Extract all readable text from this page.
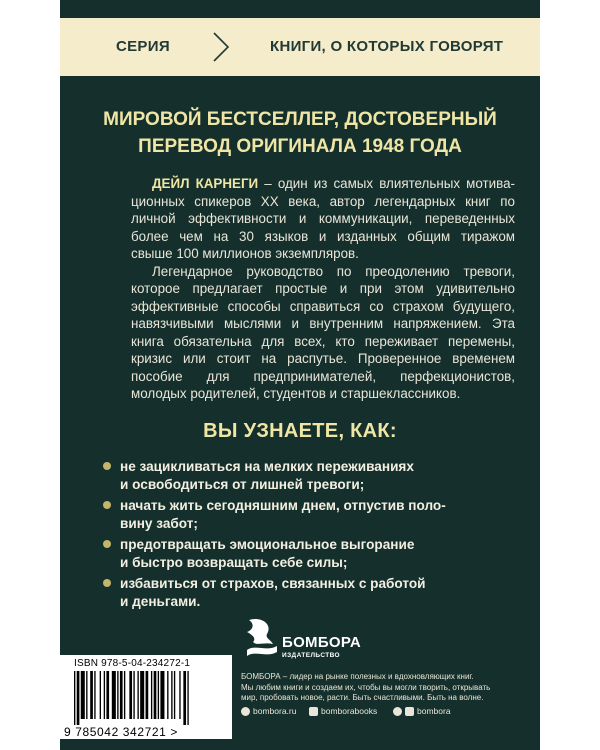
СЕРИЯ	КНИГИ, О КОТОРЫХ ГОВОРЯТ
МИРОВОЙ БЕСТСЕЛЛЕР, ДОСТОВЕРНЫЙ
ПЕРЕВОД ОРИГИНАЛА 1948 ГОДА
ДЕЙЛ КАРНЕГИ – один из самых влиятельных мотива-
ционных спикеров XX века, автор легендарных книг по
личной эффективности и коммуникации, переведенных
более чем на 30 языков и изданных общим тиражом
свыше 100 миллионов экземпляров.
Легендарное руководство по преодолению тревоги,
которое предлагает простые и при этом удивительно
эффективные способы справиться со страхом будущего,
навязчивыми мыслями и внутренним напряжением. Эта
книга обязательна для всех, кто переживает перемены,
кризис или стоит на распутье. Проверенное временем
пособие для предпринимателей, перфекционистов,
молодых родителей, студентов и старшеклассников.
ВЫ УЗНАЕТЕ, КАК:
не зацикливаться на мелких переживаниях
и освободиться от лишней тревоги;
начать жить сегодняшним днем, отпустив поло-
вину забот;
предотвращать эмоциональное выгорание
и быстро возвращать себе силы;
избавиться от страхов, связанных с работой
и деньгами.
ISBN 978-5-04-234272-1
9 785042 342721 >
БОМБОРА
ИЗДАТЕЛЬСТВО
БОМБОРА – лидер на рынке полезных и вдохновляющих книг.
Мы любим книги и создаем их, чтобы вы могли творить, открывать
мир, пробовать новое, расти. Быть счастливыми. Быть на волне.
bombora.ru	bomborabooks	bombora
